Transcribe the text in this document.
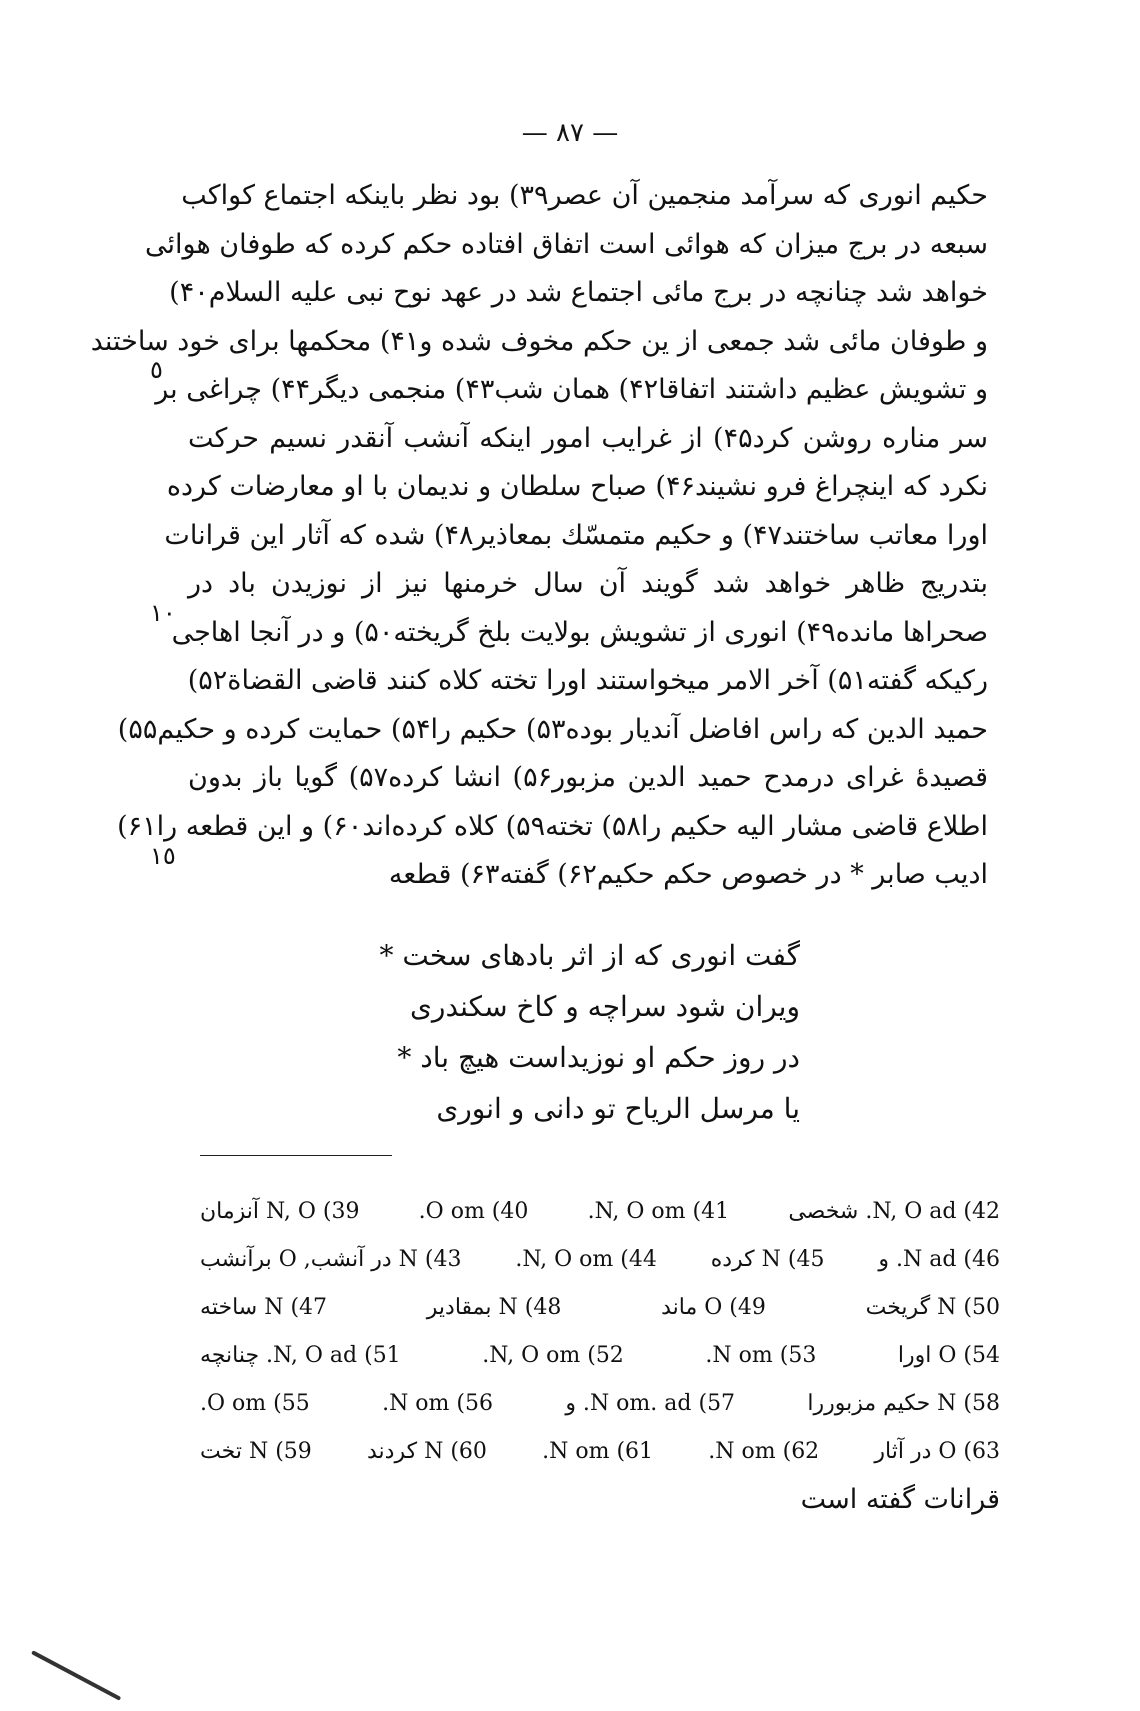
— ۸۷ —
حکیم انوری که سرآمد منجمین آن عصر۳۹) بود نظر باینکه اجتماع کواکب
سبعه در برج میزان که هوائی است اتفاق افتاده حکم کرده که طوفان هوائی
خواهد شد چنانچه در برج مائی اجتماع شد در عهد نوح نبی علیه السلام۴۰)
و طوفان مائی شد جمعی از ین حکم مخوف شده و۴۱) محکمها برای خود ساختند
و تشویش عظیم داشتند اتفاقا۴۲) همان شب۴۳) منجمی دیگر۴۴) چراغی بر
سر مناره روشن کرد۴۵) از غرایب امور اینکه آنشب آنقدر نسیم حرکت
نکرد که اینچراغ فرو نشیند۴۶) صباح سلطان و ندیمان با او معارضات کرده
اورا معاتب ساختند۴۷) و حکیم متمسّك بمعاذیر۴۸) شده که آثار این قرانات
بتدریج ظاهر خواهد شد گویند آن سال خرمنها نیز از نوزیدن باد در
صحراها مانده۴۹) انوری از تشویش بولایت بلخ گریخته۵۰) و در آنجا اهاجی
رکیکه گفته۵۱) آخر الامر میخواستند اورا تخته کلاه کنند قاضی القضاة۵۲)
حمید الدین که راس افاضل آندیار بوده۵۳) حکیم را۵۴) حمایت کرده و حکیم۵۵)
قصیدهٔ غرای درمدح حمید الدین مزبور۵۶) انشا کرده۵۷) گویا باز بدون
اطلاع قاضی مشار الیه حکیم را۵۸) تخته۵۹) کلاه کرده‌اند۶۰) و این قطعه را۶۱)
ادیب صابر * در خصوص حکم حکیم۶۲) گفته۶۳) قطعه
٥
١٠
١٥
گفت انوری که از اثر بادهای سخت *
ویران شود سراچه و کاخ سکندری
در روز حکم او نوزیداست هیچ باد *
یا مرسل الریاح تو دانی و انوری
42) N, O ad. شخصی
41) N, O om.
40) O om.
39) N, O آنزمان
46) N ad. و
45) N کرده
44) N, O om.
43) N در آنشب, O برآنشب
50) N گریخت
49) O ماند
48) N بمقادیر
47) N ساخته
54) O اورا
53) N om.
52) N, O om.
51) N, O ad. چنانچه
58) N حکیم مزبوررا
57) N om. ad. و
56) N om.
55) O om.
63) O در آثار
62) N om.
61) N om.
60) N کردند
59) N تخت
قرانات گفته است
